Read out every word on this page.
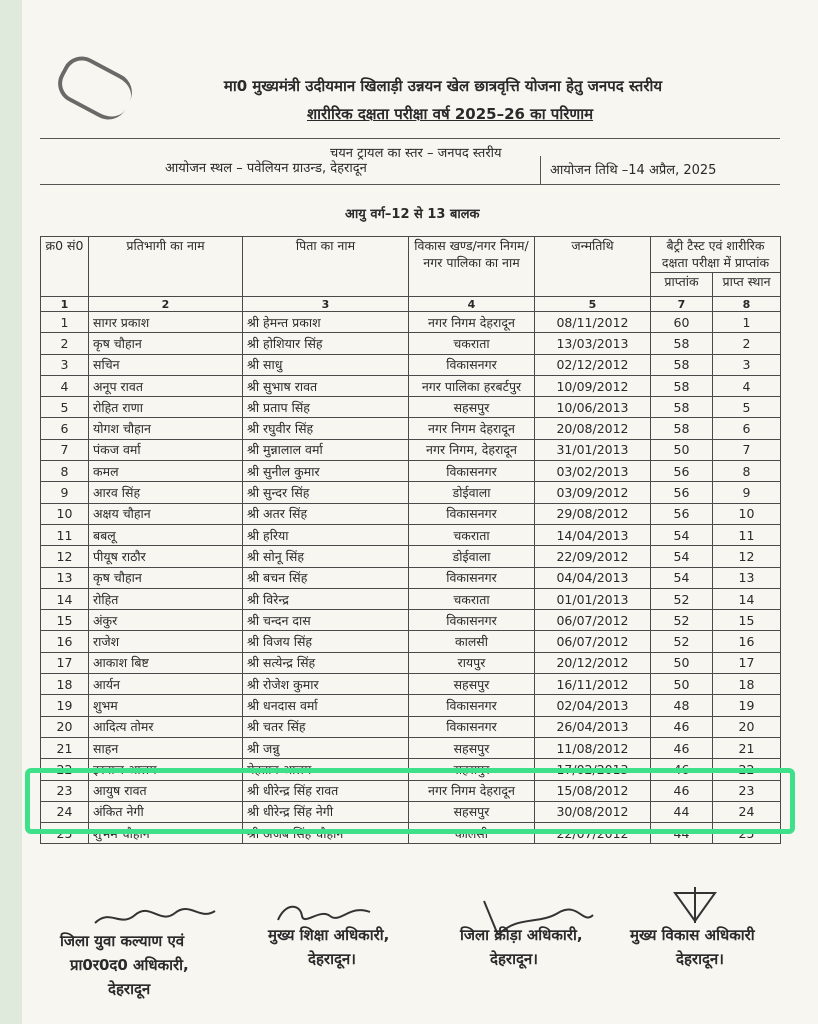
मा0 मुख्यमंत्री उदीयमान खिलाड़ी उन्नयन खेल छात्रवृत्ति योजना हेतु जनपद स्तरीय
शारीरिक दक्षता परीक्षा वर्ष 2025–26 का परिणाम
चयन ट्रायल का स्तर – जनपद स्तरीय
आयोजन स्थल – पवेलियन ग्राउन्ड, देहरादून	आयोजन तिथि –14 अप्रैल, 2025
आयु वर्ग–12 से 13 बालक
क्र0 सं0	प्रतिभागी का नाम	पिता का नाम	विकास खण्ड/नगर निगम/नगर पालिका का नाम	जन्मतिथि	बैट्री टैस्ट एवं शारीरिक दक्षता परीक्षा में प्राप्तांक	
					प्राप्तांक	प्राप्त स्थान
1	2	3	4	5	7	8
1	सागर प्रकाश	श्री हेमन्त प्रकाश	नगर निगम देहरादून	08/11/2012	60	1
2	कृष चौहान	श्री होशियार सिंह	चकराता	13/03/2013	58	2
3	सचिन	श्री साधु	विकासनगर	02/12/2012	58	3
4	अनूप रावत	श्री सुभाष रावत	नगर पालिका हरबर्टपुर	10/09/2012	58	4
5	रोहित राणा	श्री प्रताप सिंह	सहसपुर	10/06/2013	58	5
6	योगश चौहान	श्री रघुवीर सिंह	नगर निगम देहरादून	20/08/2012	58	6
7	पंकज वर्मा	श्री मुन्नालाल वर्मा	नगर निगम, देहरादून	31/01/2013	50	7
8	कमल	श्री सुनील कुमार	विकासनगर	03/02/2013	56	8
9	आरव सिंह	श्री सुन्दर सिंह	डोईवाला	03/09/2012	56	9
10	अक्षय चौहान	श्री अतर सिंह	विकासनगर	29/08/2012	56	10
11	बबलू	श्री हरिया	चकराता	14/04/2013	54	11
12	पीयूष राठौर	श्री सोनू सिंह	डोईवाला	22/09/2012	54	12
13	कृष चौहान	श्री बचन सिंह	विकासनगर	04/04/2013	54	13
14	रोहित	श्री विरेन्द्र	चकराता	01/01/2013	52	14
15	अंकुर	श्री चन्दन दास	विकासनगर	06/07/2012	52	15
16	राजेश	श्री विजय सिंह	कालसी	06/07/2012	52	16
17	आकाश बिष्ट	श्री सत्येन्द्र सिंह	रायपुर	20/12/2012	50	17
18	आर्यन	श्री रोजेश कुमार	सहसपुर	16/11/2012	50	18
19	शुभम	श्री धनदास वर्मा	विकासनगर	02/04/2013	48	19
20	आदित्य तोमर	श्री चतर सिंह	विकासनगर	26/04/2013	46	20
21	साहन	श्री जन्नु	सहसपुर	11/08/2012	46	21
22	इरबाज आलम	मेहताब आलम	सहसपुर	17/02/2013	46	22
23	आयुष रावत	श्री धीरेन्द्र सिंह रावत	नगर निगम देहरादून	15/08/2012	46	23
24	अंकित नेगी	श्री धीरेन्द्र सिंह नेगी	सहसपुर	30/08/2012	44	24
25	शुभम चौहान	श्री अजब सिंह चौहान	कालसी	22/07/2012	44	25
जिला युवा कल्याण एवं
प्रा0र0द0 अधिकारी,
देहरादून
मुख्य शिक्षा अधिकारी,
देहरादून।
जिला क्रीड़ा अधिकारी,
देहरादून।
मुख्य विकास अधिकारी
देहरादून।
